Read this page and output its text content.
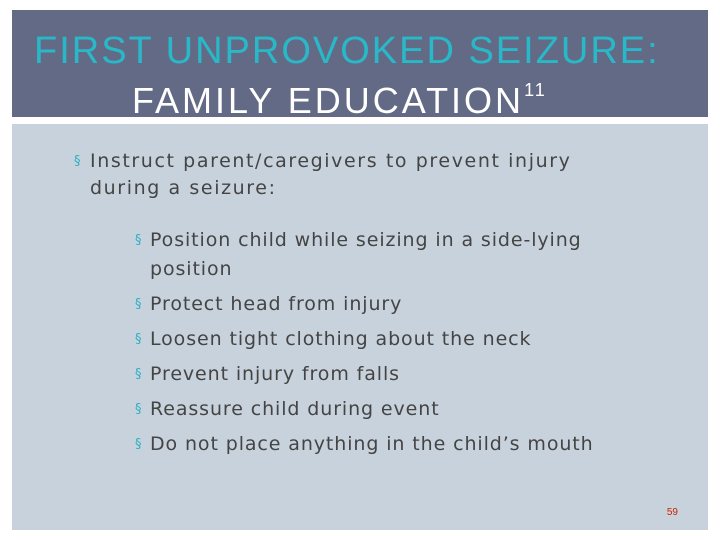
FIRST UNPROVOKED SEIZURE:
FAMILY EDUCATION$^{11}$
§ Instruct parent/caregivers to prevent injury during a seizure:
§ Position child while seizing in a side-lying position
§ Protect head from injury
§ Loosen tight clothing about the neck
§ Prevent injury from falls
§ Reassure child during event
§ Do not place anything in the child’s mouth
59
